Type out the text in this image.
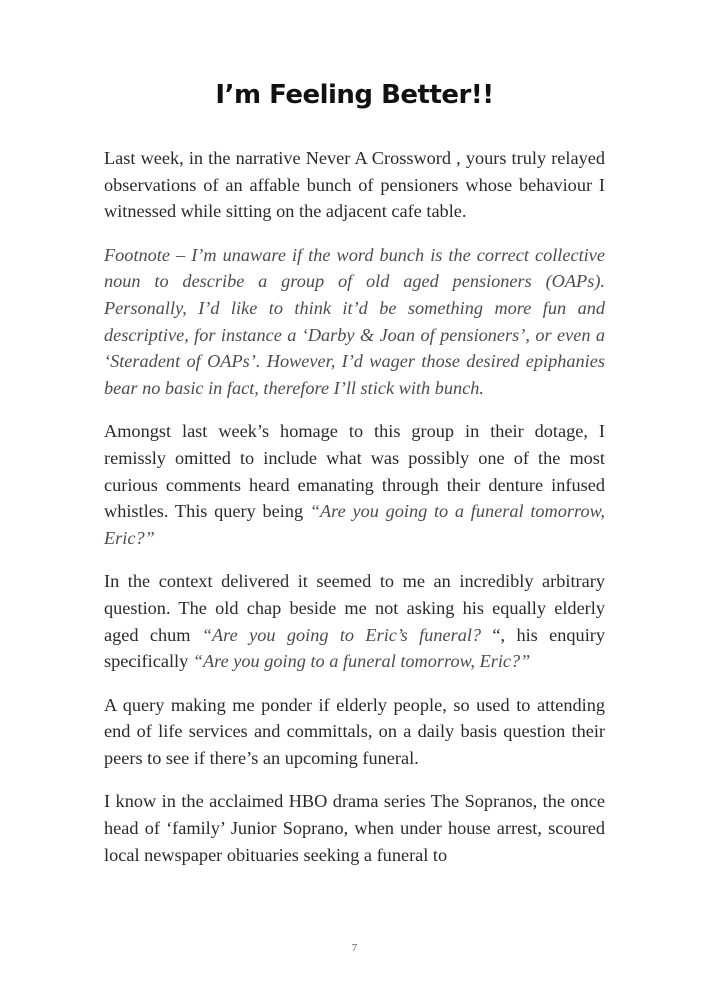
I’m Feeling Better!!

Last week, in the narrative Never A Crossword , yours truly relayed observations of an affable bunch of pensioners whose behaviour I witnessed while sitting on the adjacent cafe table.

Footnote – I’m unaware if the word bunch is the correct collective noun to describe a group of old aged pensioners (OAPs). Personally, I’d like to think it’d be something more fun and descriptive, for instance a ‘Darby & Joan of pensioners’, or even a ‘Steradent of OAPs’. However, I’d wager those desired epiphanies bear no basic in fact, therefore I’ll stick with bunch.

Amongst last week’s homage to this group in their dotage, I remissly omitted to include what was possibly one of the most curious comments heard emanating through their denture infused whistles. This query being “Are you going to a funeral tomorrow, Eric?”

In the context delivered it seemed to me an incredibly arbitrary question. The old chap beside me not asking his equally elderly aged chum “Are you going to Eric’s funeral? “, his enquiry specifically “Are you going to a funeral tomorrow, Eric?”

A query making me ponder if elderly people, so used to attending end of life services and committals, on a daily basis question their peers to see if there’s an upcoming funeral.

I know in the acclaimed HBO drama series The Sopranos, the once head of ‘family’ Junior Soprano, when under house arrest, scoured local newspaper obituaries seeking a funeral to

7
